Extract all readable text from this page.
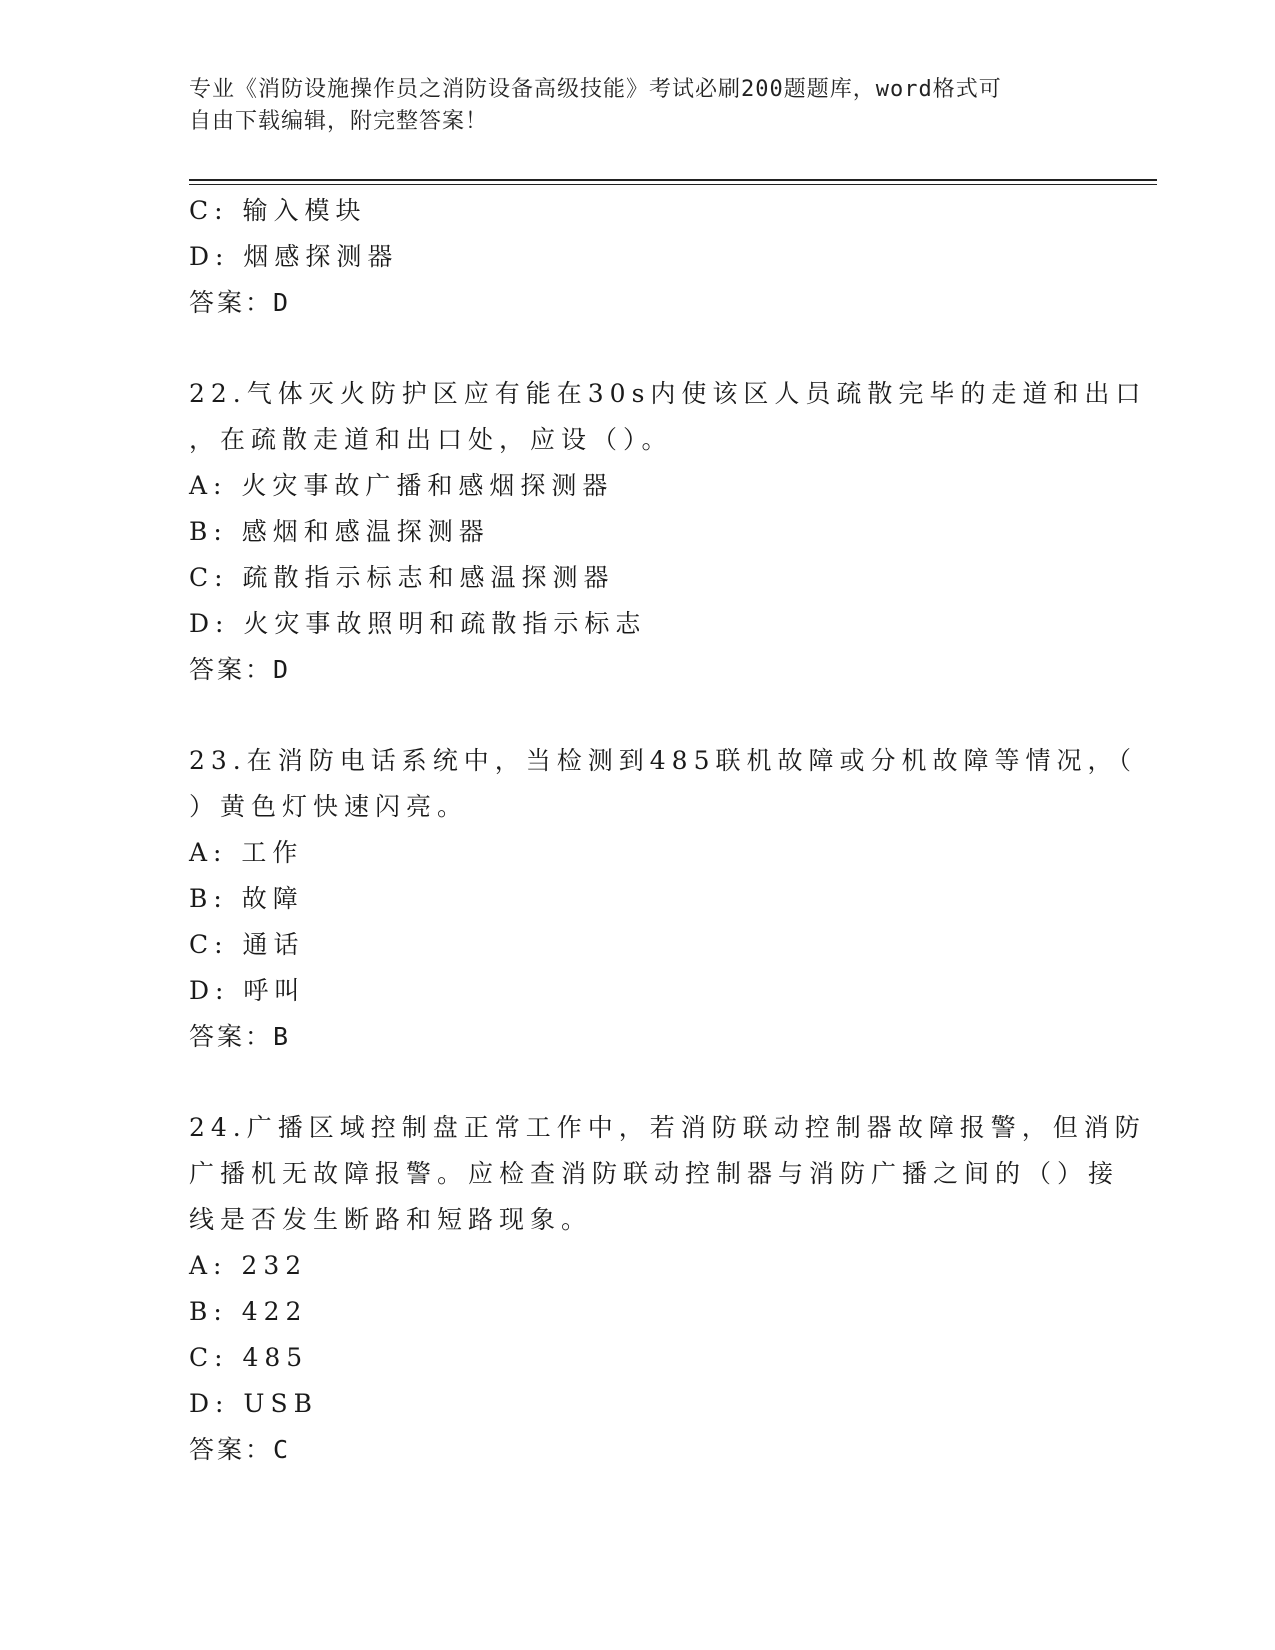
专业《消防设施操作员之消防设备高级技能》考试必刷200题题库，word格式可
自由下载编辑，附完整答案！
C: 输入模块
D: 烟感探测器
答案：D
22.气体灭火防护区应有能在30s内使该区人员疏散完毕的走道和出口
，在疏散走道和出口处，应设（）。
A: 火灾事故广播和感烟探测器
B: 感烟和感温探测器
C: 疏散指示标志和感温探测器
D: 火灾事故照明和疏散指示标志
答案：D
23.在消防电话系统中，当检测到485联机故障或分机故障等情况，（
）黄色灯快速闪亮。
A: 工作
B: 故障
C: 通话
D: 呼叫
答案：B
24.广播区域控制盘正常工作中，若消防联动控制器故障报警，但消防
广播机无故障报警。应检查消防联动控制器与消防广播之间的（）接
线是否发生断路和短路现象。
A: 232
B: 422
C: 485
D: USB
答案：C
